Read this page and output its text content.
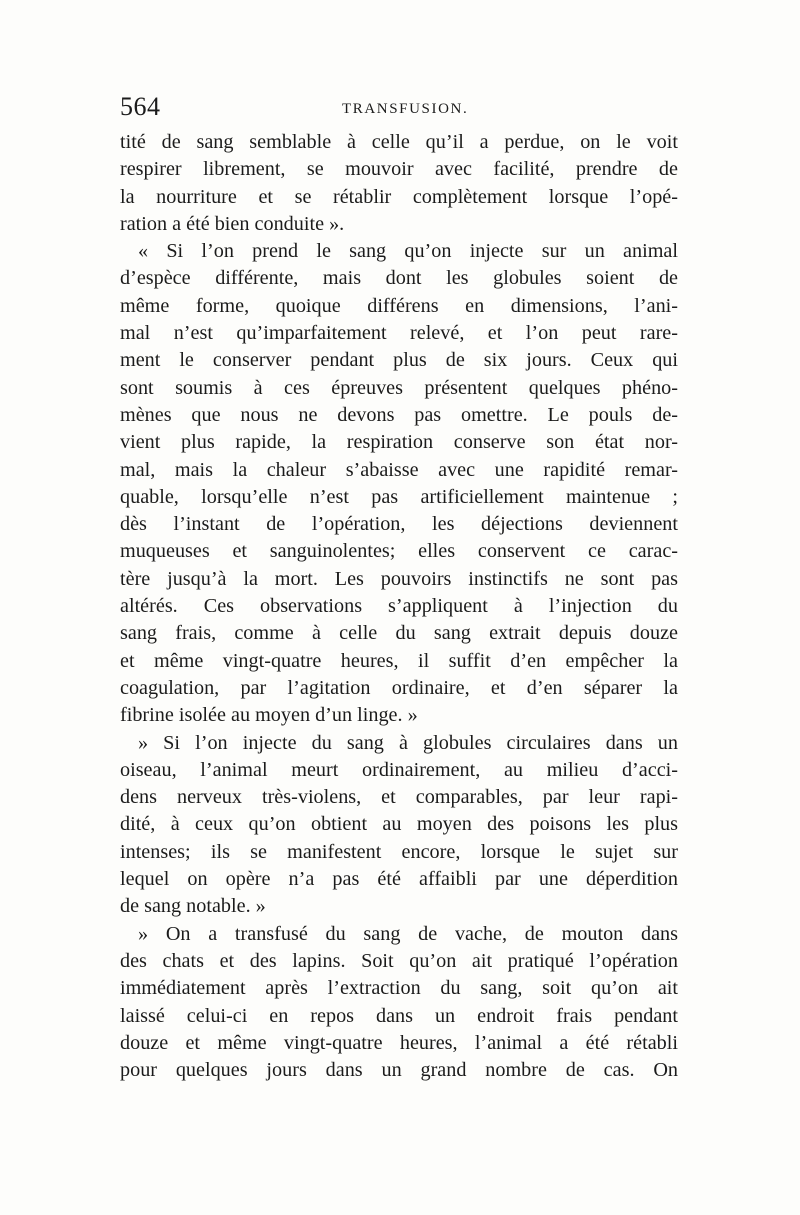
564	TRANSFUSION.
tité de sang semblable à celle qu’il a perdue, on le voit
respirer librement, se mouvoir avec facilité, prendre de
la nourriture et se rétablir complètement lorsque l’opé-
ration a été bien conduite ».
« Si l’on prend le sang qu’on injecte sur un animal
d’espèce différente, mais dont les globules soient de
même forme, quoique différens en dimensions, l’ani-
mal n’est qu’imparfaitement relevé, et l’on peut rare-
ment le conserver pendant plus de six jours. Ceux qui
sont soumis à ces épreuves présentent quelques phéno-
mènes que nous ne devons pas omettre. Le pouls de-
vient plus rapide, la respiration conserve son état nor-
mal, mais la chaleur s’abaisse avec une rapidité remar-
quable, lorsqu’elle n’est pas artificiellement maintenue ;
dès l’instant de l’opération, les déjections deviennent
muqueuses et sanguinolentes; elles conservent ce carac-
tère jusqu’à la mort. Les pouvoirs instinctifs ne sont pas
altérés. Ces observations s’appliquent à l’injection du
sang frais, comme à celle du sang extrait depuis douze
et même vingt-quatre heures, il suffit d’en empêcher la
coagulation, par l’agitation ordinaire, et d’en séparer la
fibrine isolée au moyen d’un linge. »
» Si l’on injecte du sang à globules circulaires dans un
oiseau, l’animal meurt ordinairement, au milieu d’acci-
dens nerveux très-violens, et comparables, par leur rapi-
dité, à ceux qu’on obtient au moyen des poisons les plus
intenses; ils se manifestent encore, lorsque le sujet sur
lequel on opère n’a pas été affaibli par une déperdition
de sang notable. »
» On a transfusé du sang de vache, de mouton dans
des chats et des lapins. Soit qu’on ait pratiqué l’opération
immédiatement après l’extraction du sang, soit qu’on ait
laissé celui-ci en repos dans un endroit frais pendant
douze et même vingt-quatre heures, l’animal a été rétabli
pour quelques jours dans un grand nombre de cas. On
